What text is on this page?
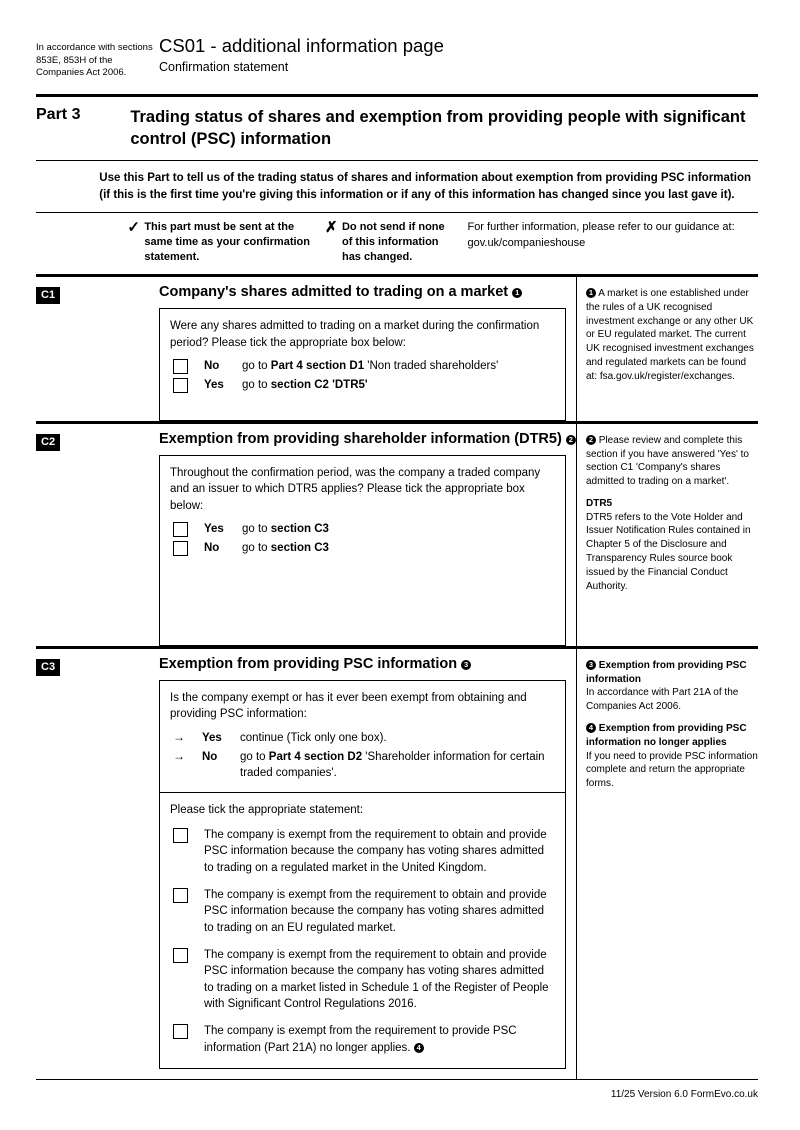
In accordance with sections 853E, 853H of the Companies Act 2006.
CS01 - additional information page
Confirmation statement
Part 3	Trading status of shares and exemption from providing people with significant control (PSC) information
Use this Part to tell us of the trading status of shares and information about exemption from providing PSC information (if this is the first time you're giving this information or if any of this information has changed since you last gave it).
✓ This part must be sent at the same time as your confirmation statement.
✗ Do not send if none of this information has changed.
For further information, please refer to our guidance at: gov.uk/companieshouse
C1	Company's shares admitted to trading on a market 1

Were any shares admitted to trading on a market during the confirmation period? Please tick the appropriate box below:

No	go to Part 4 section D1 'Non traded shareholders'
Yes	go to section C2 'DTR5'

1 A market is one established under the rules of a UK recognised investment exchange or any other UK or EU regulated market. The current UK recognised investment exchanges and regulated markets can be found at: fsa.gov.uk/register/exchanges.

C2	Exemption from providing shareholder information (DTR5) 2

Throughout the confirmation period, was the company a traded company and an issuer to which DTR5 applies? Please tick the appropriate box below:

Yes	go to section C3
No	go to section C3

2 Please review and complete this section if you have answered 'Yes' to section C1 'Company's shares admitted to trading on a market'.

DTR5
DTR5 refers to the Vote Holder and Issuer Notification Rules contained in Chapter 5 of the Disclosure and Transparency Rules source book issued by the Financial Conduct Authority.

C3	Exemption from providing PSC information 3

Is the company exempt or has it ever been exempt from obtaining and providing PSC information:

→ Yes	continue (Tick only one box).
→ No	go to Part 4 section D2 'Shareholder information for certain traded companies'.

Please tick the appropriate statement:

The company is exempt from the requirement to obtain and provide PSC information because the company has voting shares admitted to trading on a regulated market in the United Kingdom.
The company is exempt from the requirement to obtain and provide PSC information because the company has voting shares admitted to trading on an EU regulated market.
The company is exempt from the requirement to obtain and provide PSC information because the company has voting shares admitted to trading on a market listed in Schedule 1 of the Register of People with Significant Control Regulations 2016.
The company is exempt from the requirement to provide PSC information (Part 21A) no longer applies. 4

3 Exemption from providing PSC information
In accordance with Part 21A of the Companies Act 2006.

4 Exemption from providing PSC information no longer applies
If you need to provide PSC information complete and return the appropriate forms.

11/25 Version 6.0 FormEvo.co.uk
